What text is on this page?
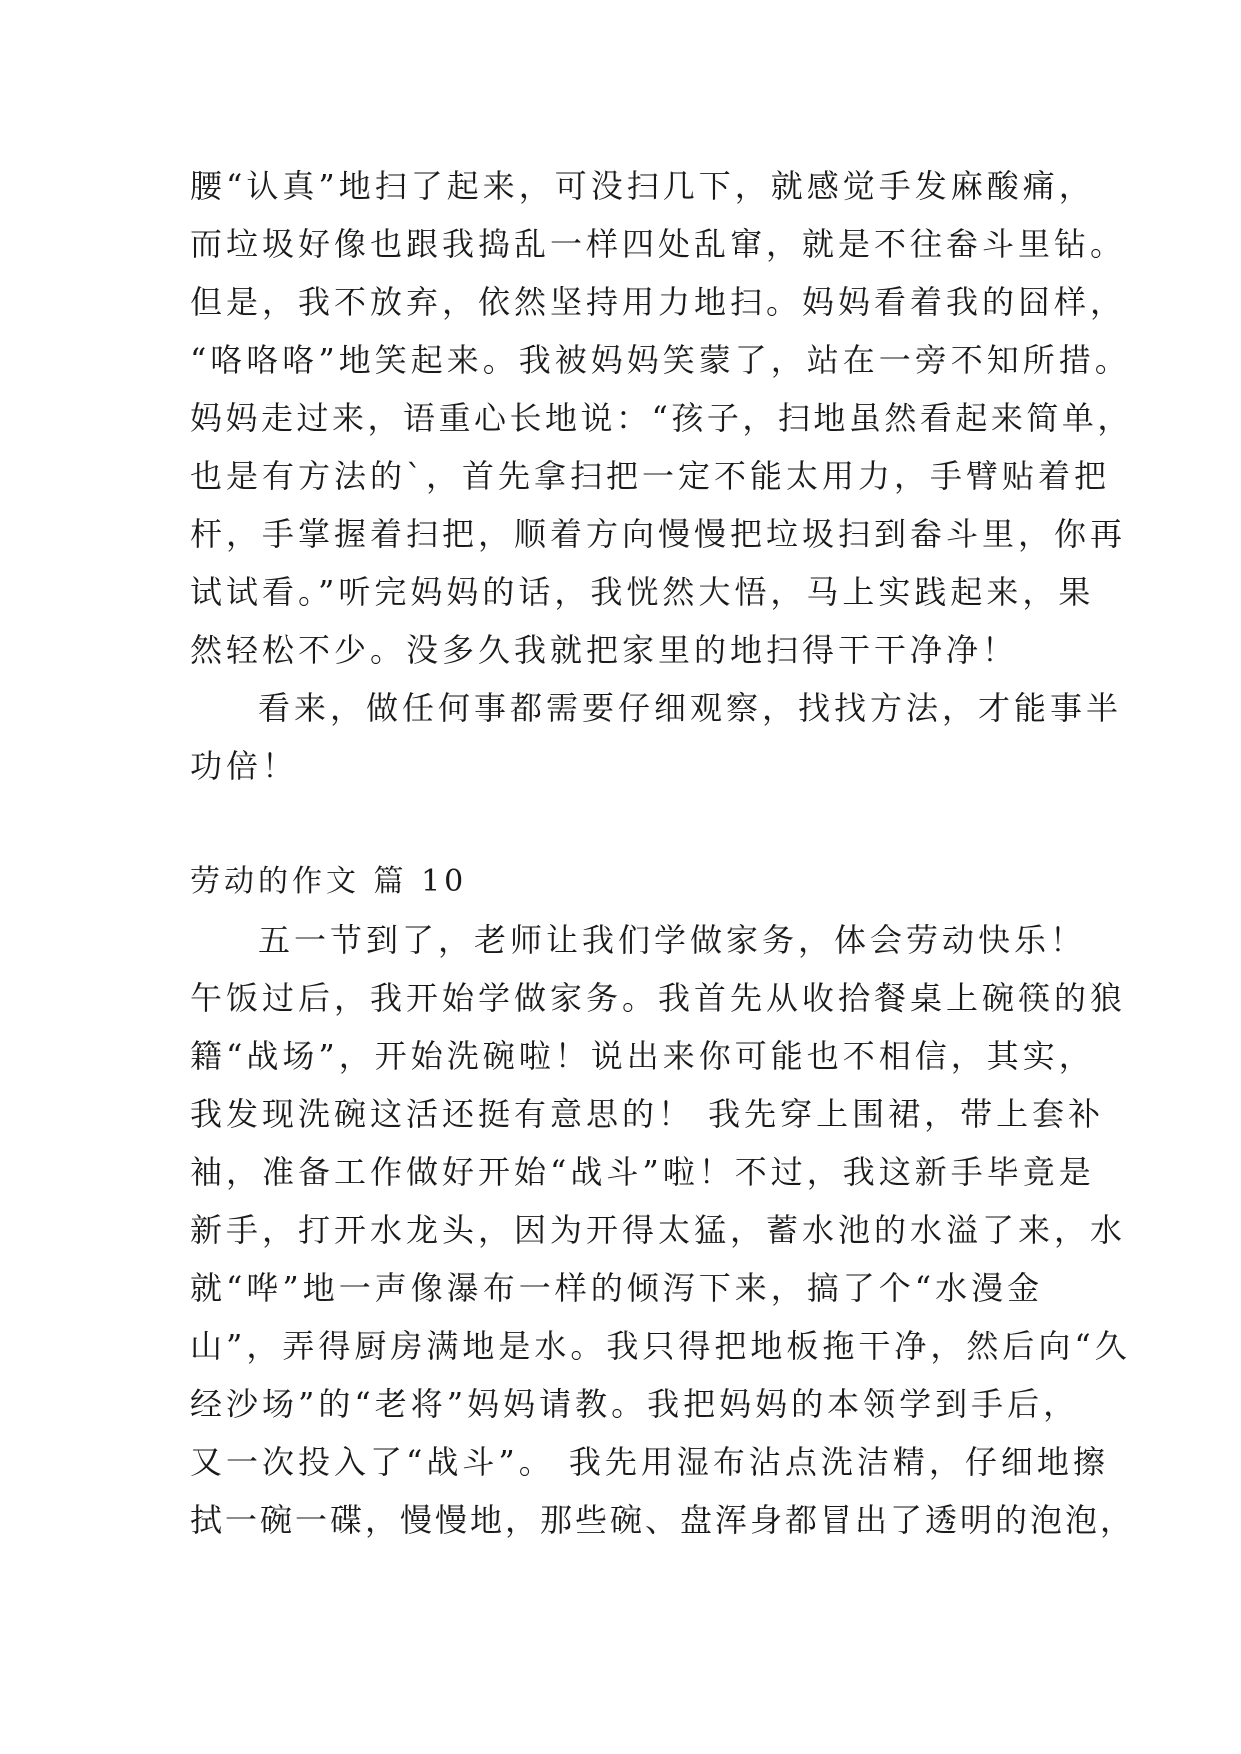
腰“认真”地扫了起来，可没扫几下，就感觉手发麻酸痛，
而垃圾好像也跟我捣乱一样四处乱窜，就是不往畚斗里钻。
但是，我不放弃，依然坚持用力地扫。妈妈看着我的囧样，
“咯咯咯”地笑起来。我被妈妈笑蒙了，站在一旁不知所措。
妈妈走过来，语重心长地说：“孩子，扫地虽然看起来简单，
也是有方法的`，首先拿扫把一定不能太用力，手臂贴着把
杆，手掌握着扫把，顺着方向慢慢把垃圾扫到畚斗里，你再
试试看。”听完妈妈的话，我恍然大悟，马上实践起来，果
然轻松不少。没多久我就把家里的地扫得干干净净！
看来，做任何事都需要仔细观察，找找方法，才能事半
功倍！
劳动的作文 篇 10
五一节到了，老师让我们学做家务，体会劳动快乐！
午饭过后，我开始学做家务。我首先从收拾餐桌上碗筷的狼
籍“战场”，开始洗碗啦！说出来你可能也不相信，其实，
我发现洗碗这活还挺有意思的！ 我先穿上围裙，带上套补
袖，准备工作做好开始“战斗”啦！不过，我这新手毕竟是
新手，打开水龙头，因为开得太猛，蓄水池的水溢了来，水
就“哗”地一声像瀑布一样的倾泻下来，搞了个“水漫金
山”，弄得厨房满地是水。我只得把地板拖干净，然后向“久
经沙场”的“老将”妈妈请教。我把妈妈的本领学到手后，
又一次投入了“战斗”。 我先用湿布沾点洗洁精，仔细地擦
拭一碗一碟，慢慢地，那些碗、盘浑身都冒出了透明的泡泡，
